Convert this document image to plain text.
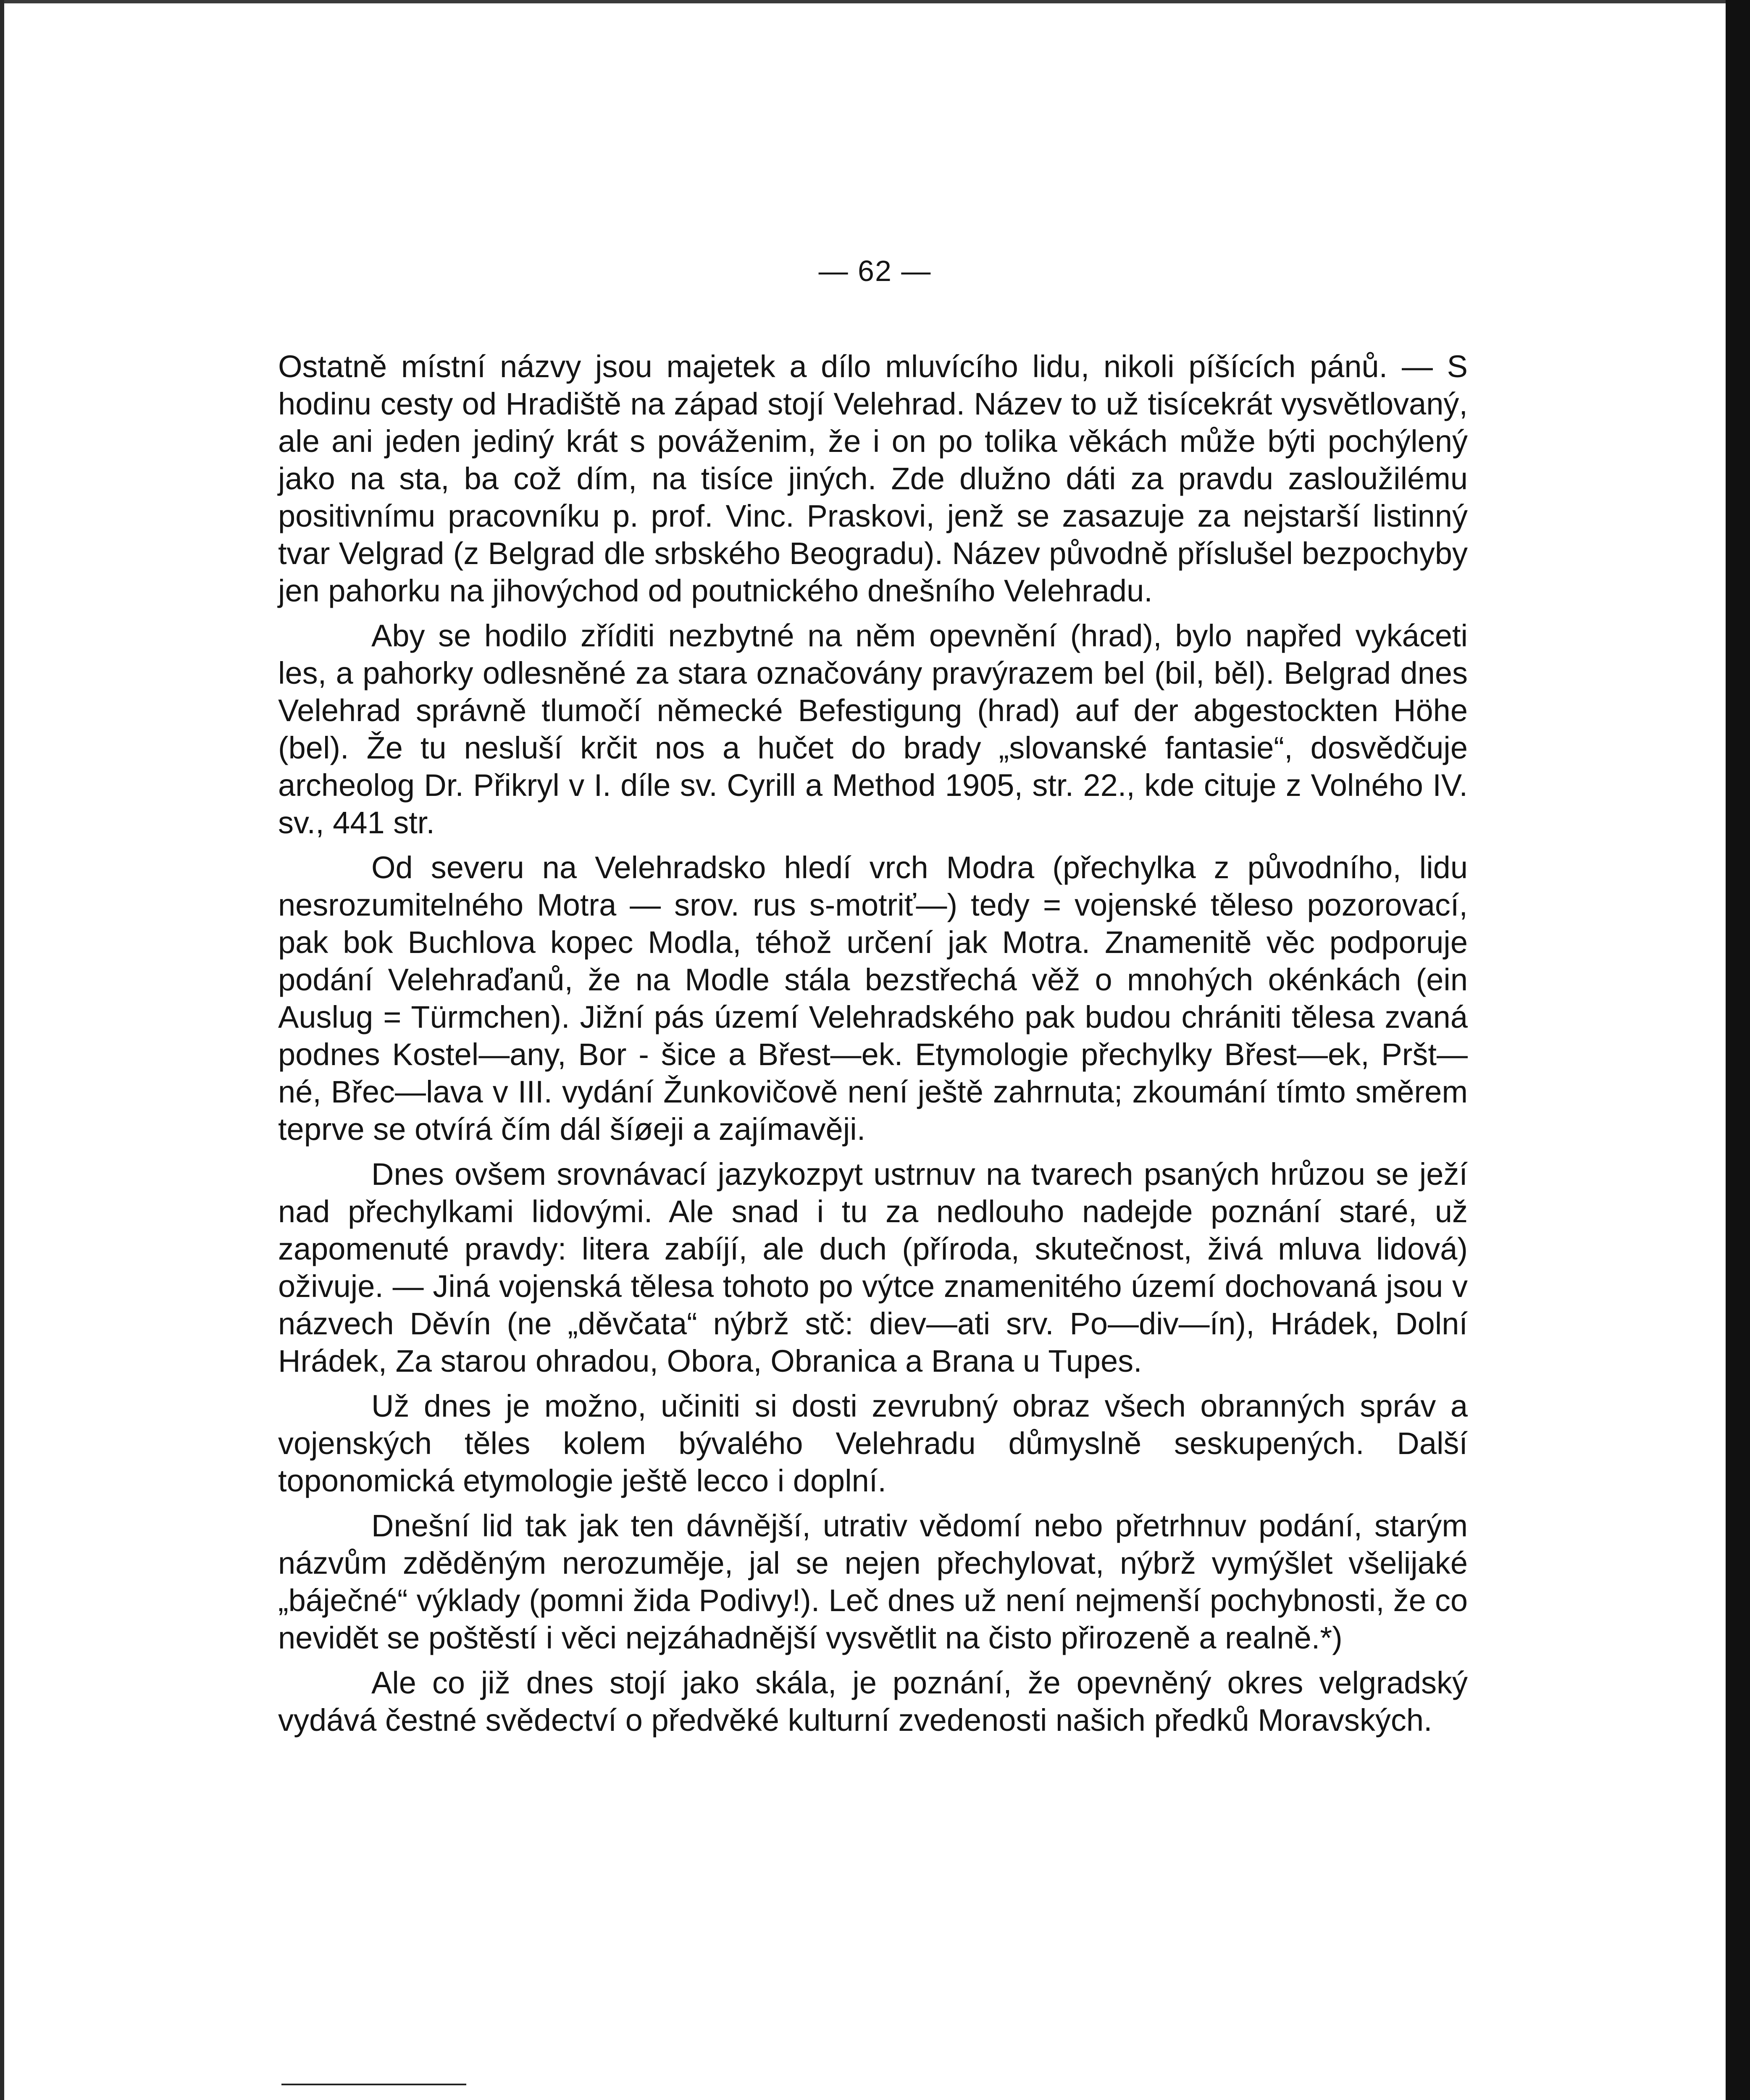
— 62 —

Ostatně místní názvy jsou majetek a dílo mluvícího lidu, nikoli píšících pánů. — S hodinu cesty od Hradiště na západ stojí Velehrad. Název to už tisícekrát vysvětlovaný, ale ani jeden jediný krát s pováženim, že i on po tolika věkách může býti pochýlený jako na sta, ba což dím, na tisíce jiných. Zde dlužno dáti za pravdu zasloužilému positivnímu pracovníku p. prof. Vinc. Praskovi, jenž se zasazuje za nejstarší listinný tvar Velgrad (z Belgrad dle srbského Beogradu). Název původně příslušel bezpochyby jen pahorku na jihovýchod od poutnického dnešního Velehradu.

Aby se hodilo zříditi nezbytné na něm opevnění (hrad), bylo napřed vykáceti les, a pahorky odlesněné za stara označovány pravýrazem bel (bil, běl). Belgrad dnes Velehrad správně tlumočí německé Befestigung (hrad) auf der abgestockten Höhe (bel). Že tu nesluší krčit nos a hučet do brady „slovanské fantasie“, dosvědčuje archeolog Dr. Přikryl v I. díle sv. Cyrill a Method 1905, str. 22., kde cituje z Volného IV. sv., 441 str.

Od severu na Velehradsko hledí vrch Modra (přechylka z původního, lidu nesrozumitelného Motra — srov. rus s-motriť—) tedy = vojenské těleso pozorovací, pak bok Buchlova kopec Modla, téhož určení jak Motra. Znamenitě věc podporuje podání Velehraďanů, že na Modle stála bezstřechá věž o mnohých okénkách (ein Auslug = Türmchen). Jižní pás území Velehradského pak budou chrániti tělesa zvaná podnes Kostel—any, Bor - šice a Břest—ek. Etymologie přechylky Břest—ek, Pršt—né, Břec—lava v III. vydání Žunkovičově není ještě zahrnuta; zkoumání tímto směrem teprve se otvírá čím dál šíøeji a zajímavěji.

Dnes ovšem srovnávací jazykozpyt ustrnuv na tvarech psaných hrůzou se ježí nad přechylkami lidovými. Ale snad i tu za nedlouho nadejde poznání staré, už zapomenuté pravdy: litera zabíjí, ale duch (příroda, skutečnost, živá mluva lidová) oživuje. — Jiná vojenská tělesa tohoto po výtce znamenitého území dochovaná jsou v názvech Děvín (ne „děvčata“ nýbrž stč: diev—ati srv. Po—div—ín), Hrádek, Dolní Hrádek, Za starou ohradou, Obora, Obranica a Brana u Tupes.

Už dnes je možno, učiniti si dosti zevrubný obraz všech obranných správ a vojenských těles kolem bývalého Velehradu důmyslně seskupených. Další toponomická etymologie ještě lecco i doplní.

Dnešní lid tak jak ten dávnější, utrativ vědomí nebo přetrhnuv podání, starým názvům zděděným nerozuměje, jal se nejen přechylovat, nýbrž vymýšlet všelijaké „báječné“ výklady (pomni žida Podivy!). Leč dnes už není nejmenší pochybnosti, že co nevidět se poštěstí i věci nejzáhadnější vysvětlit na čisto přirozeně a realně.*)

Ale co již dnes stojí jako skála, je poznání, že opevněný okres velgradský vydává čestné svědectví o předvěké kulturní zvedenosti našich předků Moravských.
